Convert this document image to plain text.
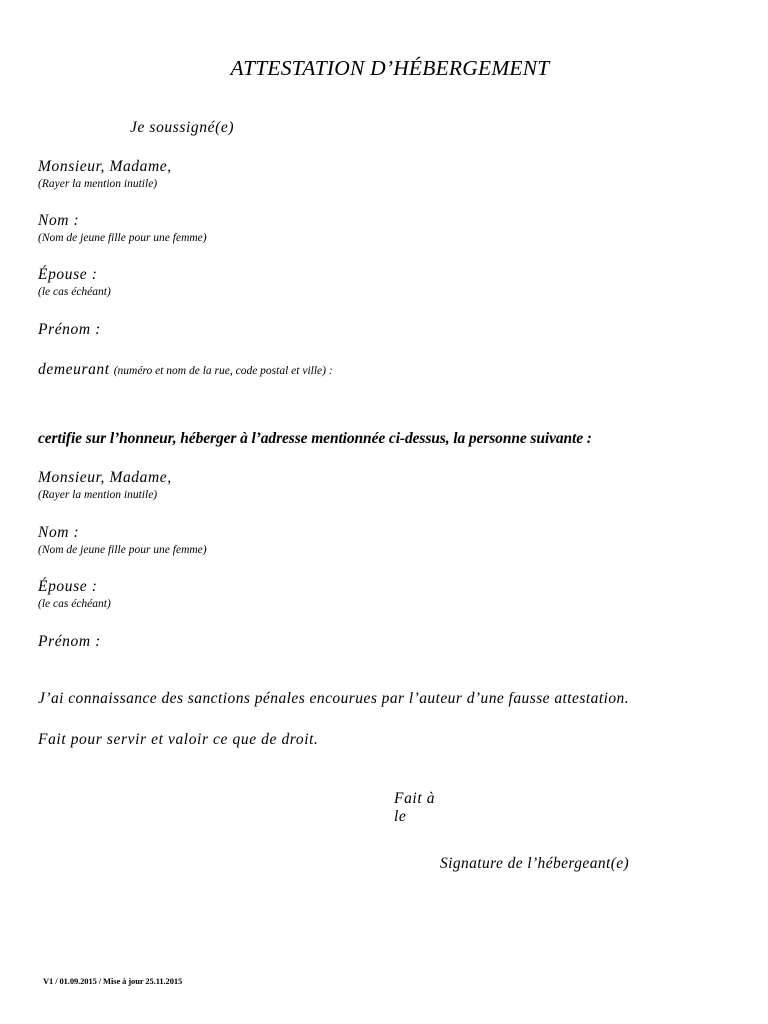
ATTESTATION D’HÉBERGEMENT
Je soussigné(e)
Monsieur, Madame,
(Rayer la mention inutile)
Nom :
(Nom de jeune fille pour une femme)
Épouse :
(le cas échéant)
Prénom :
demeurant (numéro et nom de la rue, code postal et ville) :
certifie sur l’honneur, héberger à l’adresse mentionnée ci-dessus, la personne suivante :
Monsieur, Madame,
(Rayer la mention inutile)
Nom :
(Nom de jeune fille pour une femme)
Épouse :
(le cas échéant)
Prénom :
J’ai connaissance des sanctions pénales encourues par l’auteur d’une fausse attestation.
Fait pour servir et valoir ce que de droit.
Fait à
le
Signature de l’hébergeant(e)
V1 / 01.09.2015 / Mise à jour 25.11.2015
